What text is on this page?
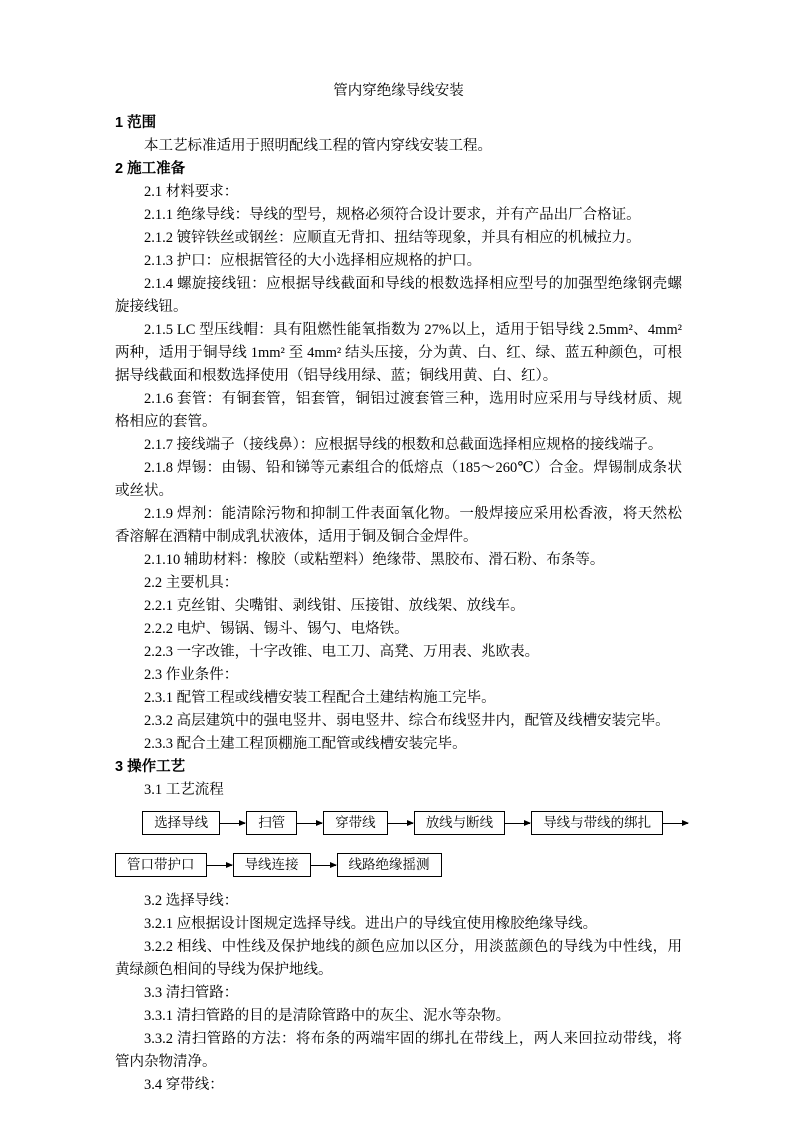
管内穿绝缘导线安装
1 范围
本工艺标准适用于照明配线工程的管内穿线安装工程。
2 施工准备
2.1 材料要求：
2.1.1 绝缘导线：导线的型号，规格必须符合设计要求，并有产品出厂合格证。
2.1.2 镀锌铁丝或钢丝：应顺直无背扣、扭结等现象，并具有相应的机械拉力。
2.1.3 护口：应根据管径的大小选择相应规格的护口。
2.1.4 螺旋接线钮：应根据导线截面和导线的根数选择相应型号的加强型绝缘钢壳螺旋接线钮。
2.1.5 LC 型压线帽：具有阻燃性能氧指数为 27%以上，适用于铝导线 2.5mm²、4mm² 两种，适用于铜导线 1mm² 至 4mm² 结头压接，分为黄、白、红、绿、蓝五种颜色，可根据导线截面和根数选择使用（铝导线用绿、蓝；铜线用黄、白、红）。
2.1.6 套管：有铜套管，铝套管，铜铝过渡套管三种，选用时应采用与导线材质、规格相应的套管。
2.1.7 接线端子（接线鼻）：应根据导线的根数和总截面选择相应规格的接线端子。
2.1.8 焊锡：由锡、铅和锑等元素组合的低熔点（185～260℃）合金。焊锡制成条状或丝状。
2.1.9 焊剂：能清除污物和抑制工件表面氧化物。一般焊接应采用松香液，将天然松香溶解在酒精中制成乳状液体，适用于铜及铜合金焊件。
2.1.10 辅助材料：橡胶（或粘塑料）绝缘带、黑胶布、滑石粉、布条等。
2.2 主要机具：
2.2.1 克丝钳、尖嘴钳、剥线钳、压接钳、放线架、放线车。
2.2.2 电炉、锡锅、锡斗、锡勺、电烙铁。
2.2.3 一字改锥，十字改锥、电工刀、高凳、万用表、兆欧表。
2.3 作业条件：
2.3.1 配管工程或线槽安装工程配合土建结构施工完毕。
2.3.2 高层建筑中的强电竖井、弱电竖井、综合布线竖井内，配管及线槽安装完毕。
2.3.3 配合土建工程顶棚施工配管或线槽安装完毕。
3 操作工艺
3.1 工艺流程
选择导线	扫管	穿带线	放线与断线	导线与带线的绑扎
管口带护口	导线连接	线路绝缘摇测
3.2 选择导线：
3.2.1 应根据设计图规定选择导线。进出户的导线宜使用橡胶绝缘导线。
3.2.2 相线、中性线及保护地线的颜色应加以区分，用淡蓝颜色的导线为中性线，用黄绿颜色相间的导线为保护地线。
3.3 清扫管路：
3.3.1 清扫管路的目的是清除管路中的灰尘、泥水等杂物。
3.3.2 清扫管路的方法：将布条的两端牢固的绑扎在带线上，两人来回拉动带线，将管内杂物清净。
3.4 穿带线：
